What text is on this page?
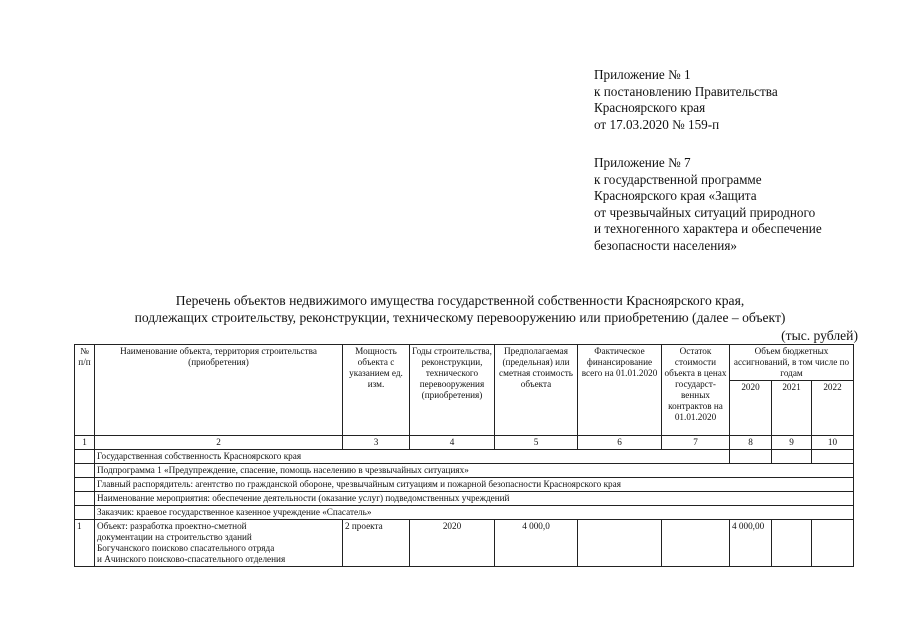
Приложение № 1
к постановлению Правительства
Красноярского края
от 17.03.2020 № 159-п
Приложение № 7
к государственной программе
Красноярского края «Защита
от чрезвычайных ситуаций природного
и техногенного характера и обеспечение
безопасности населения»
Перечень объектов недвижимого имущества государственной собственности Красноярского края,
подлежащих строительству, реконструкции, техническому перевооружению или приобретению (далее – объект)
(тыс. рублей)
№ п/п	Наименование объекта, территория строительства (приобретения)	Мощность объекта с указанием ед. изм.	Годы строительства, реконструкции, технического перевооружения (приобретения)	Предполагаемая (предельная) или сметная стоимость объекта	Фактическое финансирование всего на 01.01.2020	Остаток стоимости объекта в ценах государст-венных контрактов на 01.01.2020	Объем бюджетных ассигнований, в том числе по годам		
							2020	2021	2022
1	2	3	4	5	6	7	8	9	10
	Государственная собственность Красноярского края								
	Подпрограмма 1 «Предупреждение, спасение, помощь населению в чрезвычайных ситуациях»								
	Главный распорядитель: агентство по гражданской обороне, чрезвычайным ситуациям и пожарной безопасности Красноярского края								
	Наименование мероприятия: обеспечение деятельности (оказание услуг) подведомственных учреждений								
	Заказчик: краевое государственное казенное учреждение «Спасатель»								
1	Объект: разработка проектно-сметной
документации на строительство зданий
Богучанского поисково спасательного отряда
и Ачинского поисково-спасательного отделения	2 проекта	2020	4 000,0			4 000,00		
